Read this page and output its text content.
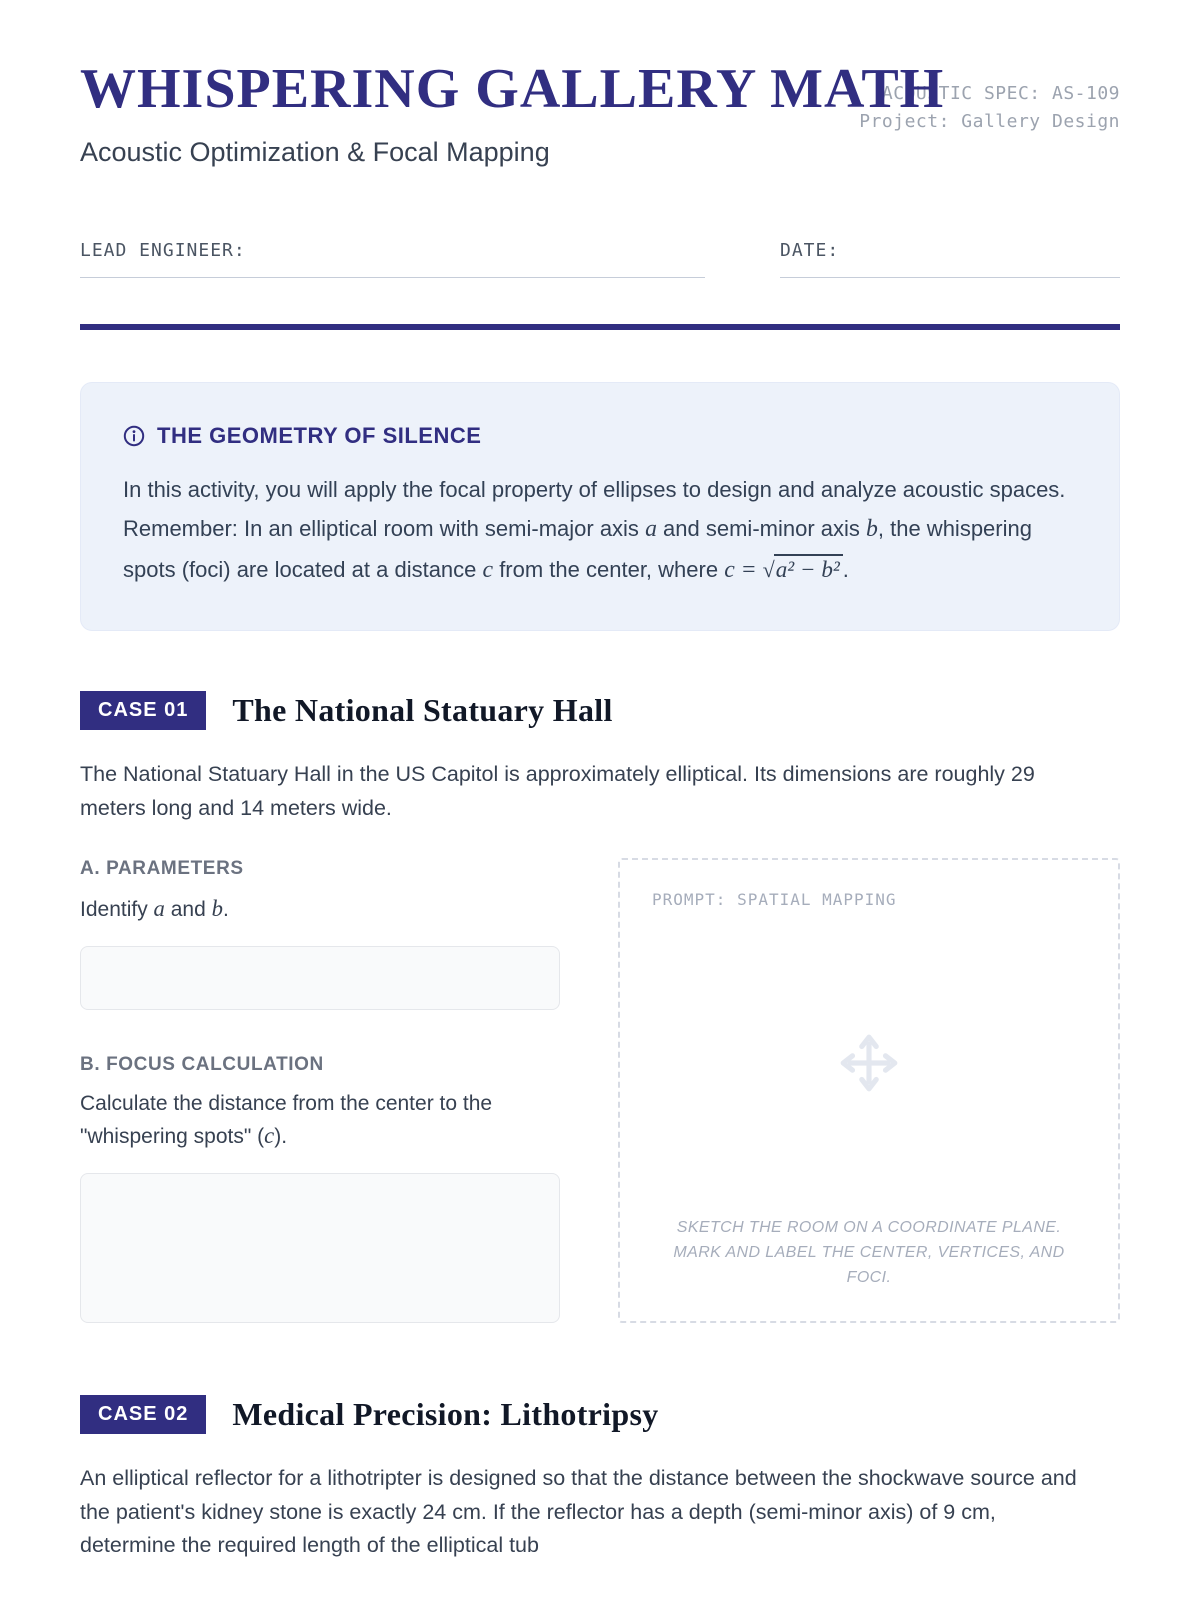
ACOUSTIC SPEC: AS-109
Project: Gallery Design
WHISPERING GALLERY MATH
Acoustic Optimization & Focal Mapping
LEAD ENGINEER:	DATE:
THE GEOMETRY OF SILENCE

In this activity, you will apply the focal property of ellipses to design and analyze acoustic spaces. Remember: In an elliptical room with semi-major axis a and semi-minor axis b, the whispering spots (foci) are located at a distance c from the center, where c = √a² − b² .

CASE 01	The National Statuary Hall

The National Statuary Hall in the US Capitol is approximately elliptical. Its dimensions are roughly 29 meters long and 14 meters wide.

A. PARAMETERS

Identify a and b.

B. FOCUS CALCULATION

Calculate the distance from the center to the "whispering spots" (c).

PROMPT: SPATIAL MAPPING
SKETCH THE ROOM ON A COORDINATE PLANE. MARK AND LABEL THE CENTER, VERTICES, AND FOCI.
CASE 02	Medical Precision: Lithotripsy

An elliptical reflector for a lithotripter is designed so that the distance between the shockwave source and the patient's kidney stone is exactly 24 cm. If the reflector has a depth (semi-minor axis) of 9 cm, determine the required length of the elliptical tub
